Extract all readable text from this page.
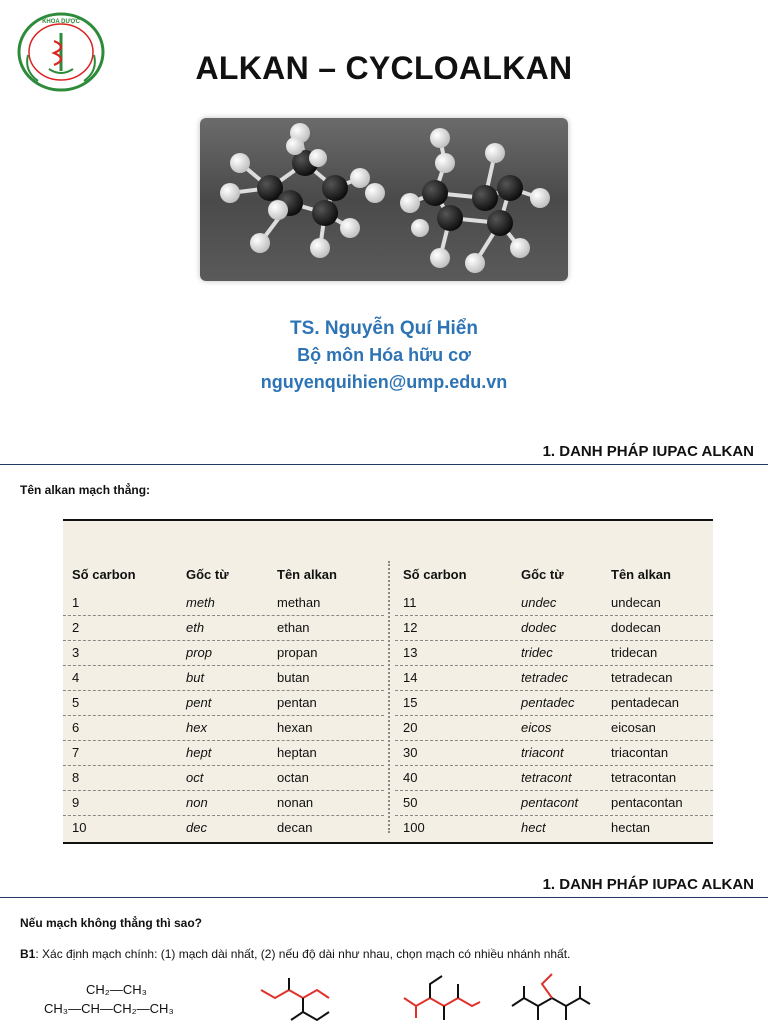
KHOA DƯỢC
ALKAN – CYCLOALKAN
TS. Nguyễn Quí Hiển
Bộ môn Hóa hữu cơ
nguyenquihien@ump.edu.vn
1. DANH PHÁP IUPAC ALKAN
Tên alkan mạch thẳng:
Số carbon	Gốc từ	Tên alkan
1	meth	methan
2	eth	ethan
3	prop	propan
4	but	butan
5	pent	pentan
6	hex	hexan
7	hept	heptan
8	oct	octan
9	non	nonan
10	dec	decan
Số carbon	Gốc từ	Tên alkan
11	undec	undecan
12	dodec	dodecan
13	tridec	tridecan
14	tetradec	tetradecan
15	pentadec	pentadecan
20	eicos	eicosan
30	triacont	triacontan
40	tetracont	tetracontan
50	pentacont	pentacontan
100	hect	hectan
1. DANH PHÁP IUPAC ALKAN
Nếu mạch không thẳng thì sao?
B1: Xác định mạch chính: (1) mạch dài nhất, (2) nếu độ dài như nhau, chọn mạch có nhiều nhánh nhất.
CH₂—CH₃
CH₃—CH—CH₂—CH₃
